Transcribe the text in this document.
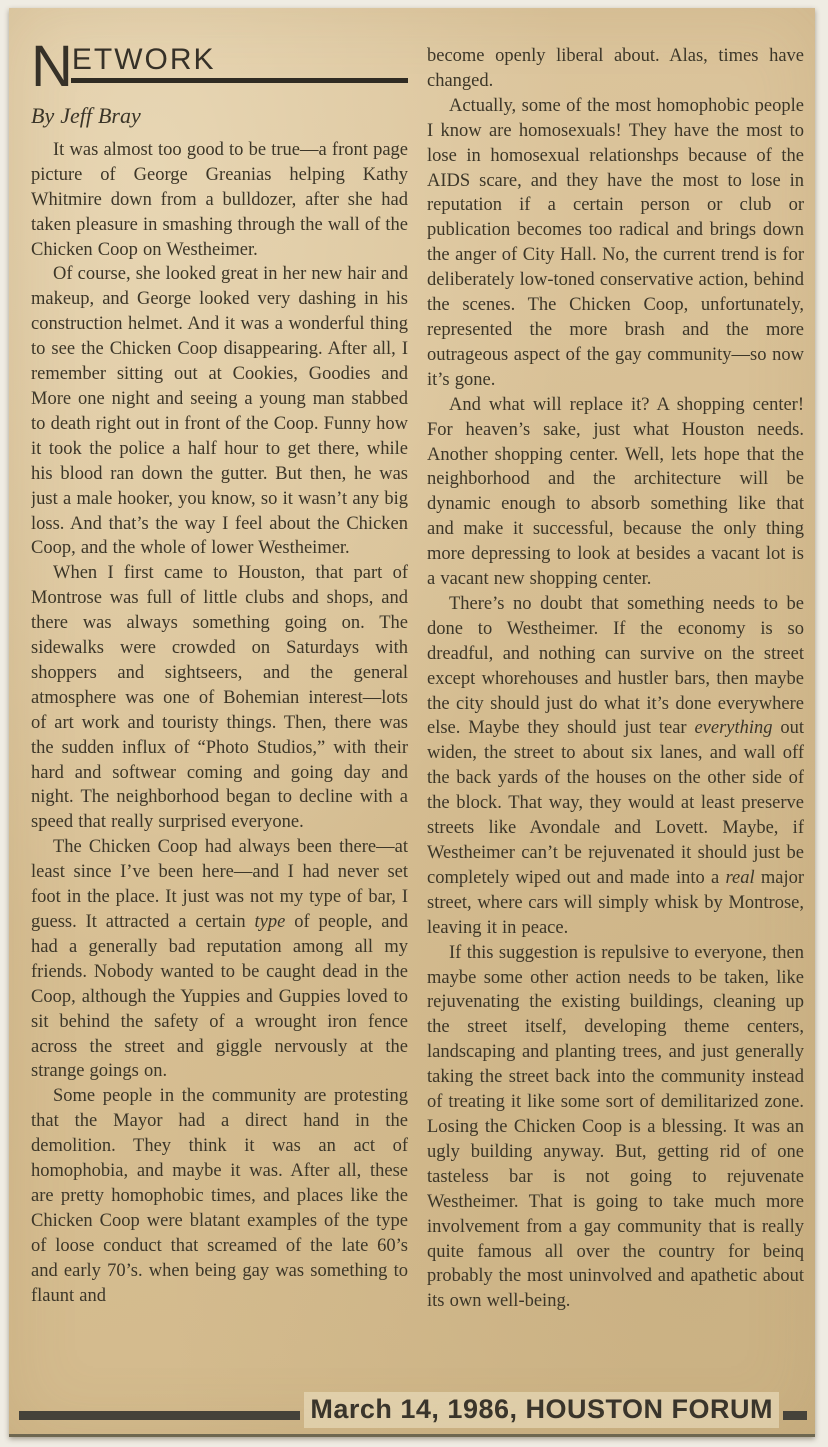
N ETWORK
By Jeff Bray

It was almost too good to be true—a front page picture of George Greanias helping Kathy Whitmire down from a bulldozer, after she had taken pleasure in smashing through the wall of the Chicken Coop on Westheimer.

Of course, she looked great in her new hair and makeup, and George looked very dashing in his construction helmet. And it was a wonderful thing to see the Chicken Coop disappearing. After all, I remember sitting out at Cookies, Goodies and More one night and seeing a young man stabbed to death right out in front of the Coop. Funny how it took the police a half hour to get there, while his blood ran down the gutter. But then, he was just a male hooker, you know, so it wasn’t any big loss. And that’s the way I feel about the Chicken Coop, and the whole of lower Westheimer.

When I first came to Houston, that part of Montrose was full of little clubs and shops, and there was always something going on. The sidewalks were crowded on Saturdays with shoppers and sightseers, and the general atmosphere was one of Bohemian interest—lots of art work and touristy things. Then, there was the sudden influx of “Photo Studios,” with their hard and softwear coming and going day and night. The neighborhood began to decline with a speed that really surprised everyone.

The Chicken Coop had always been there—at least since I’ve been here—and I had never set foot in the place. It just was not my type of bar, I guess. It attracted a certain type of people, and had a generally bad reputation among all my friends. Nobody wanted to be caught dead in the Coop, although the Yuppies and Guppies loved to sit behind the safety of a wrought iron fence across the street and giggle nervously at the strange goings on.

Some people in the community are protesting that the Mayor had a direct hand in the demolition. They think it was an act of homophobia, and maybe it was. After all, these are pretty homophobic times, and places like the Chicken Coop were blatant examples of the type of loose conduct that screamed of the late 60’s and early 70’s. when being gay was something to flaunt and

become openly liberal about. Alas, times have changed.

Actually, some of the most homophobic people I know are homosexuals! They have the most to lose in homosexual relationshps because of the AIDS scare, and they have the most to lose in reputation if a certain person or club or publication becomes too radical and brings down the anger of City Hall. No, the current trend is for deliberately low-toned conservative action, behind the scenes. The Chicken Coop, unfortunately, represented the more brash and the more outrageous aspect of the gay community—so now it’s gone.

And what will replace it? A shopping center! For heaven’s sake, just what Houston needs. Another shopping center. Well, lets hope that the neighborhood and the architecture will be dynamic enough to absorb something like that and make it successful, because the only thing more depressing to look at besides a vacant lot is a vacant new shopping center.

There’s no doubt that something needs to be done to Westheimer. If the economy is so dreadful, and nothing can survive on the street except whorehouses and hustler bars, then maybe the city should just do what it’s done everywhere else. Maybe they should just tear everything out widen, the street to about six lanes, and wall off the back yards of the houses on the other side of the block. That way, they would at least preserve streets like Avondale and Lovett. Maybe, if Westheimer can’t be rejuvenated it should just be completely wiped out and made into a real major street, where cars will simply whisk by Montrose, leaving it in peace.

If this suggestion is repulsive to everyone, then maybe some other action needs to be taken, like rejuvenating the existing buildings, cleaning up the street itself, developing theme centers, landscaping and planting trees, and just generally taking the street back into the community instead of treating it like some sort of demilitarized zone. Losing the Chicken Coop is a blessing. It was an ugly building anyway. But, getting rid of one tasteless bar is not going to rejuvenate Westheimer. That is going to take much more involvement from a gay community that is really quite famous all over the country for beinq probably the most uninvolved and apathetic about its own well-being.

March 14, 1986, HOUSTON FORUM
